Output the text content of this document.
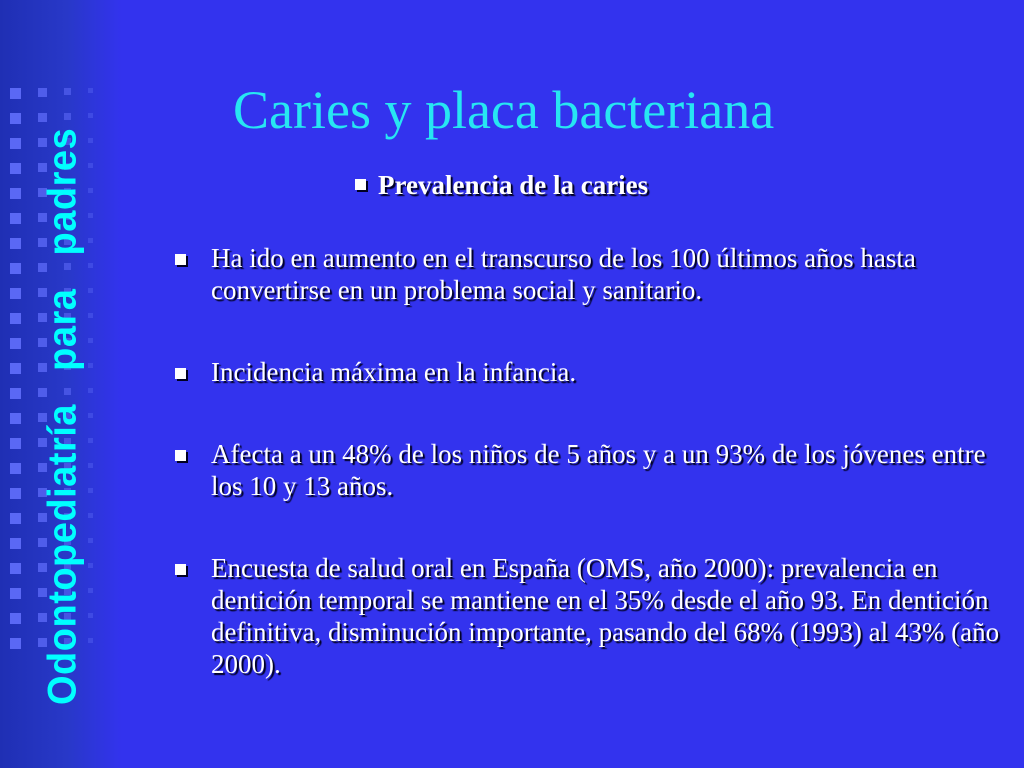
Odontopediatría   para   padres
Caries y placa bacteriana
Prevalencia de la caries
Ha ido en aumento en el transcurso de los 100 últimos años hasta convertirse en un problema social y sanitario.
Incidencia máxima en la infancia.
Afecta a un 48% de los niños de 5 años y a un 93% de los jóvenes entre los 10 y 13 años.
Encuesta de salud oral en España (OMS, año 2000): prevalencia en dentición temporal se mantiene en el 35% desde el año 93. En dentición definitiva, disminución importante, pasando del 68% (1993) al 43% (año 2000).
